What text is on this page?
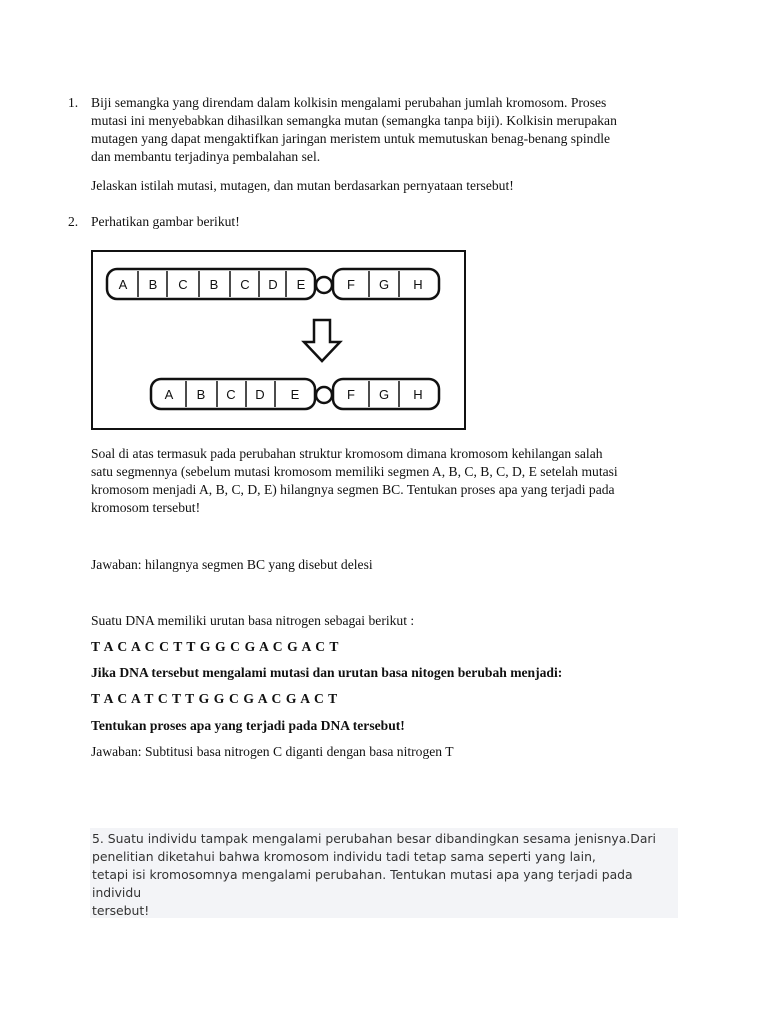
1. Biji semangka yang direndam dalam kolkisin mengalami perubahan jumlah kromosom. Proses
mutasi ini menyebabkan dihasilkan semangka mutan (semangka tanpa biji). Kolkisin merupakan
mutagen yang dapat mengaktifkan jaringan meristem untuk memutuskan benag-benang spindle
dan membantu terjadinya pembalahan sel.
Jelaskan istilah mutasi, mutagen, dan mutan berdasarkan pernyataan tersebut!
2. Perhatikan gambar berikut!
A B C B C D E	F G H
A B C D E	F G H
Soal di atas termasuk pada perubahan struktur kromosom dimana kromosom kehilangan salah
satu segmennya (sebelum mutasi kromosom memiliki segmen A, B, C, B, C, D, E setelah mutasi
kromosom menjadi A, B, C, D, E) hilangnya segmen BC. Tentukan proses apa yang terjadi pada
kromosom tersebut!
Jawaban: hilangnya segmen BC yang disebut delesi
Suatu DNA memiliki urutan basa nitrogen sebagai berikut :
T A C A C C T T G G C G A C G A C T
Jika DNA tersebut mengalami mutasi dan urutan basa nitogen berubah menjadi:
T A C A T C T T G G C G A C G A C T
Tentukan proses apa yang terjadi pada DNA tersebut!
Jawaban: Subtitusi basa nitrogen C diganti dengan basa nitrogen T
5. Suatu individu tampak mengalami perubahan besar dibandingkan sesama jenisnya.Dari
penelitian diketahui bahwa kromosom individu tadi tetap sama seperti yang lain,
tetapi isi kromosomnya mengalami perubahan. Tentukan mutasi apa yang terjadi pada individu
tersebut!
